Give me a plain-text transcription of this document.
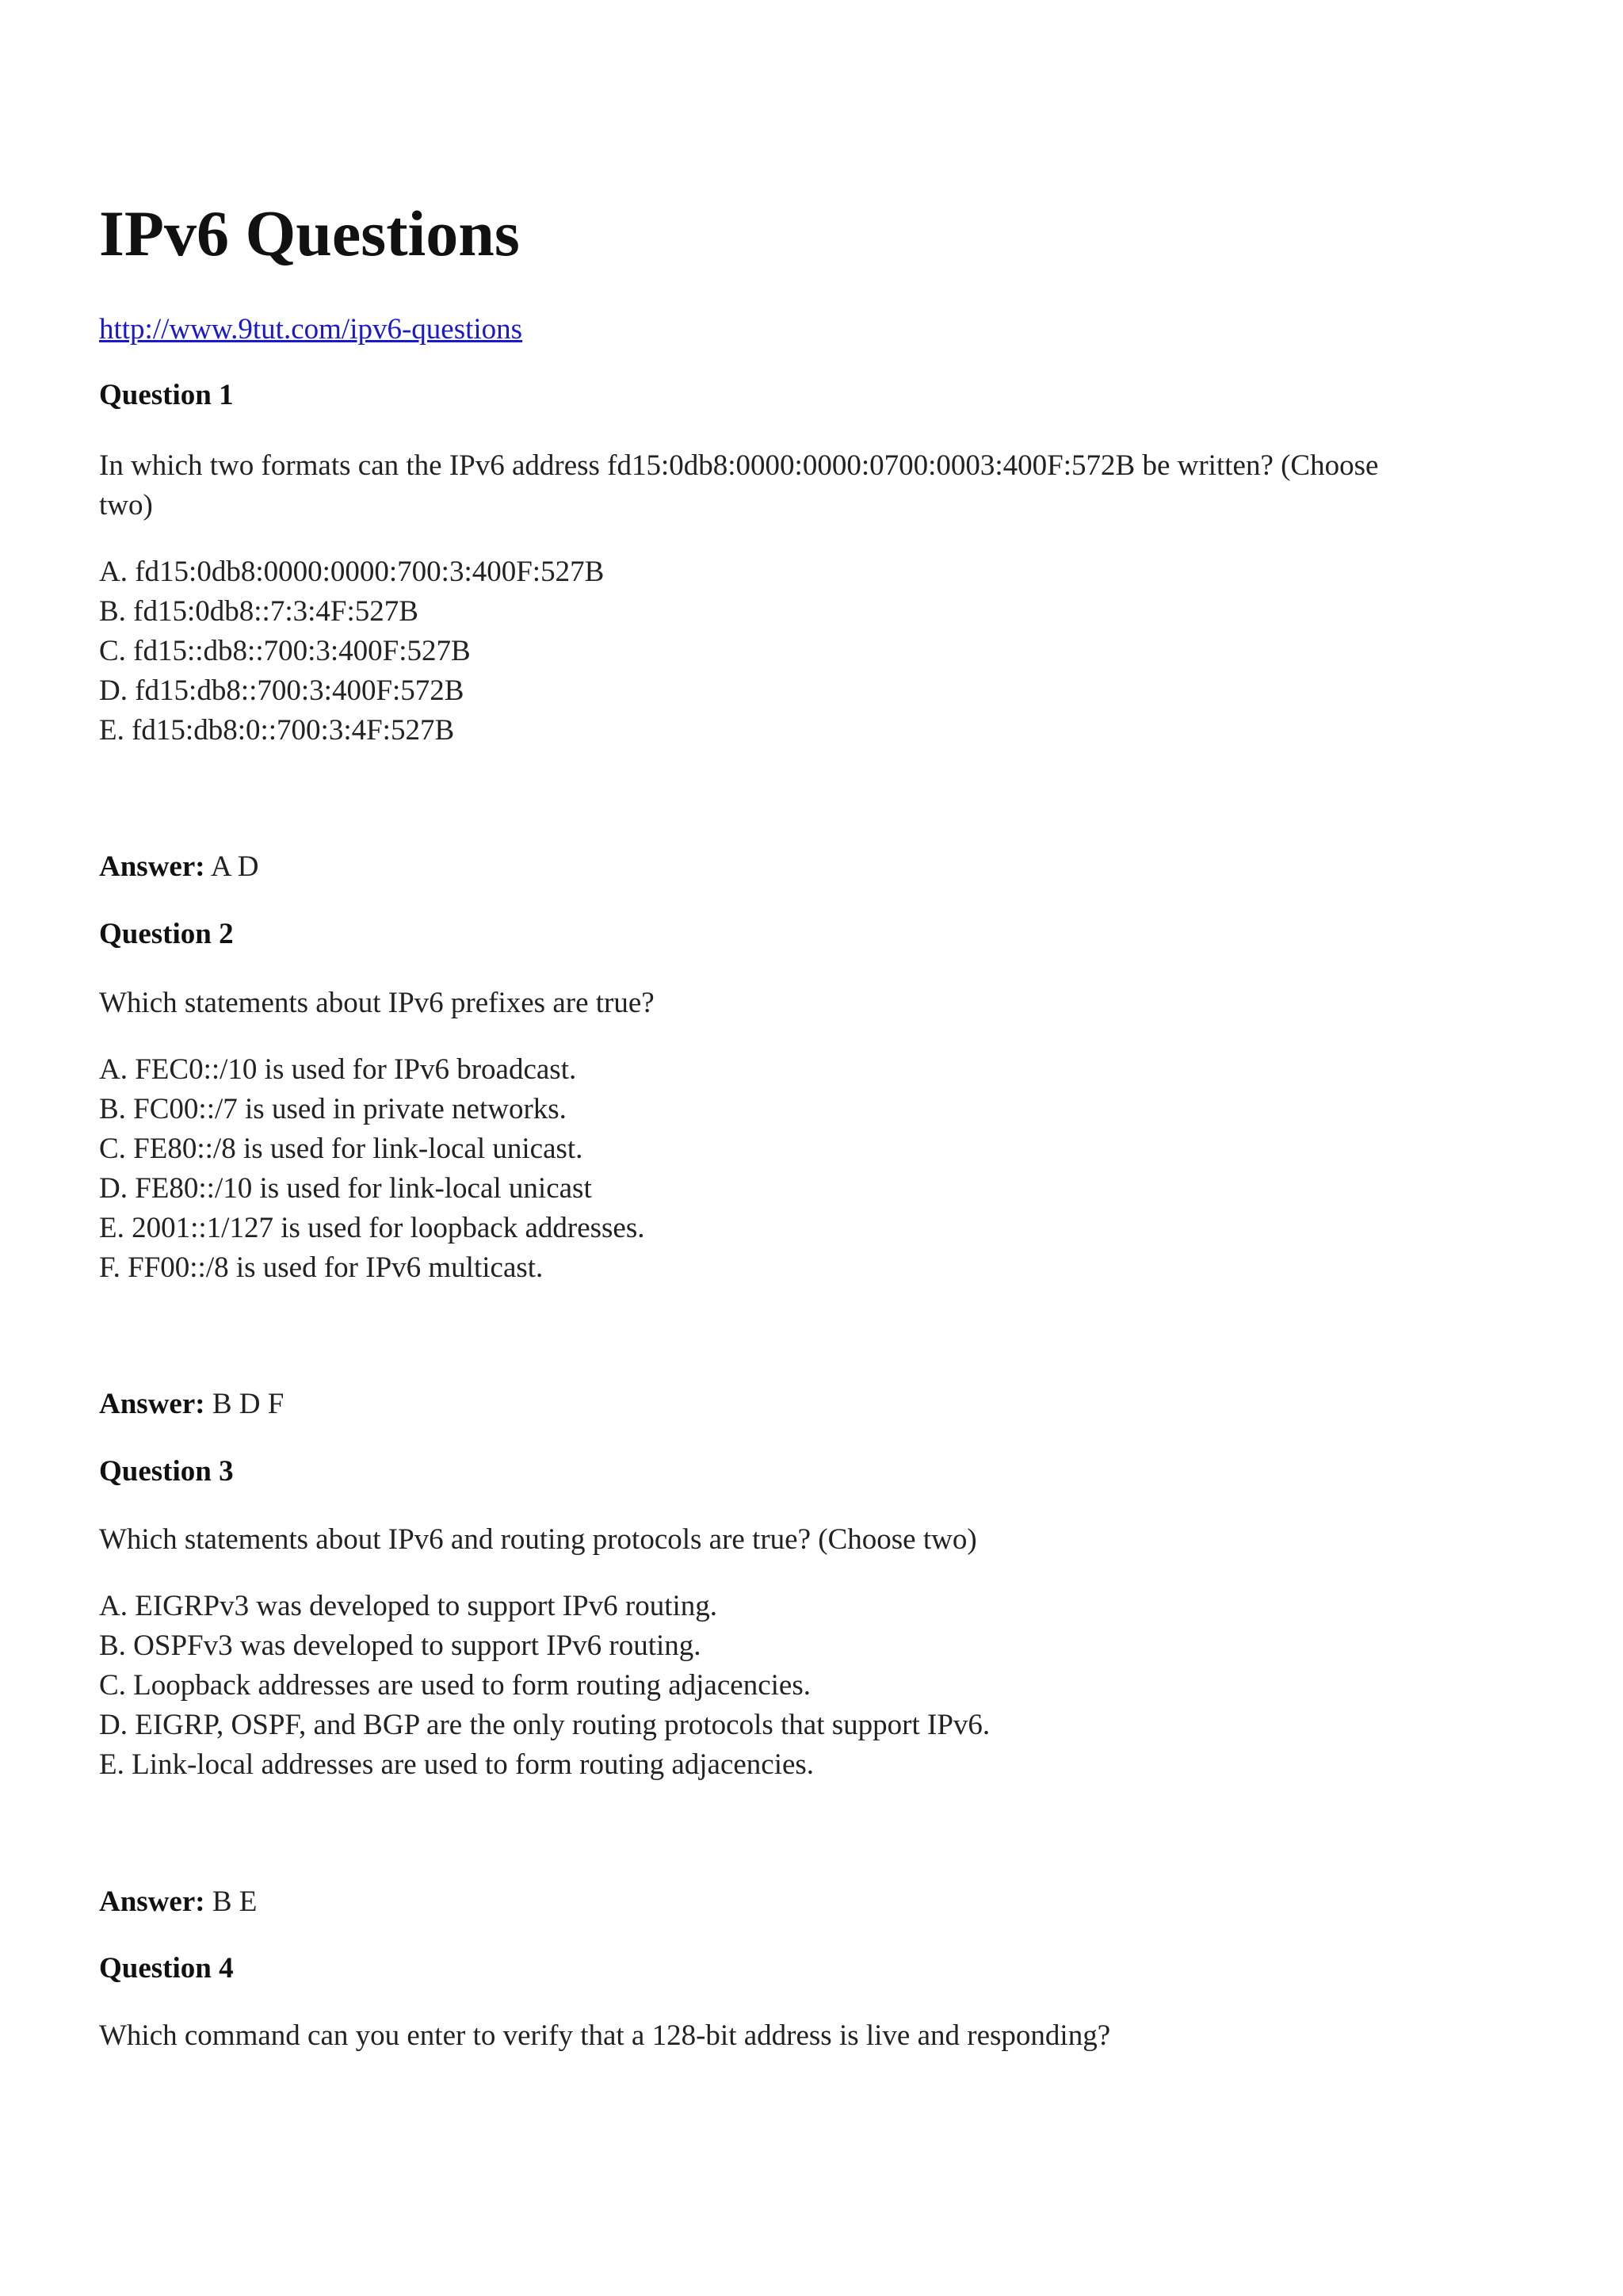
IPv6 Questions
http://www.9tut.com/ipv6-questions

Question 1

In which two formats can the IPv6 address fd15:0db8:0000:0000:0700:0003:400F:572B be written? (Choose two)

A. fd15:0db8:0000:0000:700:3:400F:527B
B. fd15:0db8::7:3:4F:527B
C. fd15::db8::700:3:400F:527B
D. fd15:db8::700:3:400F:572B
E. fd15:db8:0::700:3:4F:527B
Answer: A D

Question 2

Which statements about IPv6 prefixes are true?

A. FEC0::/10 is used for IPv6 broadcast.
B. FC00::/7 is used in private networks.
C. FE80::/8 is used for link-local unicast.
D. FE80::/10 is used for link-local unicast
E. 2001::1/127 is used for loopback addresses.
F. FF00::/8 is used for IPv6 multicast.
Answer: B D F

Question 3

Which statements about IPv6 and routing protocols are true? (Choose two)

A. EIGRPv3 was developed to support IPv6 routing.
B. OSPFv3 was developed to support IPv6 routing.
C. Loopback addresses are used to form routing adjacencies.
D. EIGRP, OSPF, and BGP are the only routing protocols that support IPv6.
E. Link-local addresses are used to form routing adjacencies.
Answer: B E

Question 4

Which command can you enter to verify that a 128-bit address is live and responding?
